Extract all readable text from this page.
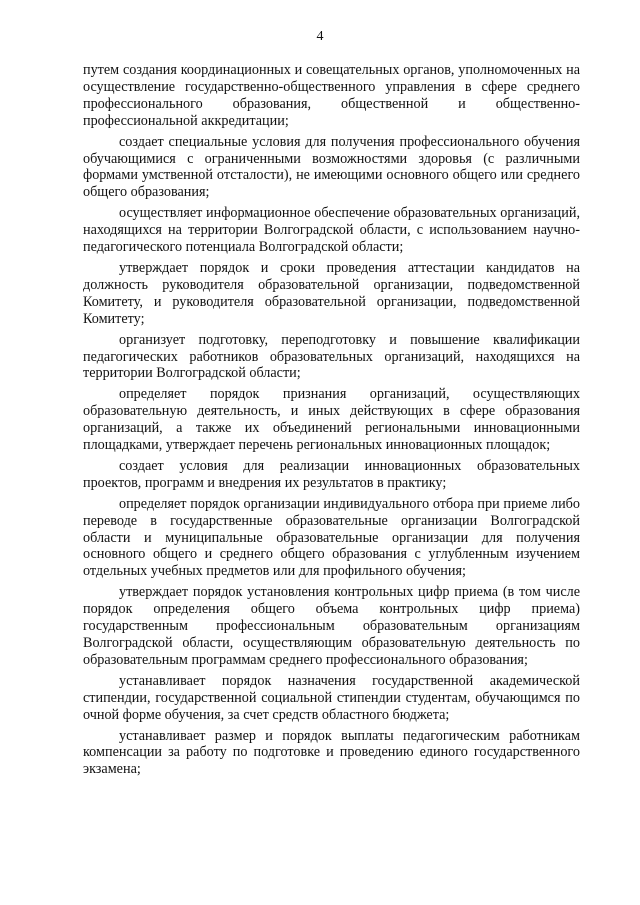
4

путем создания координационных и совещательных органов, уполномоченных на осуществление государственно-общественного управления в сфере среднего профессионального образования, общественной и общественно-профессиональной аккредитации;

создает специальные условия для получения профессионального обучения обучающимися с ограниченными возможностями здоровья (с различными формами умственной отсталости), не имеющими основного общего или среднего общего образования;

осуществляет информационное обеспечение образовательных организаций, находящихся на территории Волгоградской области, с использованием научно-педагогического потенциала Волгоградской области;

утверждает порядок и сроки проведения аттестации кандидатов на должность руководителя образовательной организации, подведомственной Комитету, и руководителя образовательной организации, подведомственной Комитету;

организует подготовку, переподготовку и повышение квалификации педагогических работников образовательных организаций, находящихся на территории Волгоградской области;

определяет порядок признания организаций, осуществляющих образовательную деятельность, и иных действующих в сфере образования организаций, а также их объединений региональными инновационными площадками, утверждает перечень региональных инновационных площадок;

создает условия для реализации инновационных образовательных проектов, программ и внедрения их результатов в практику;

определяет порядок организации индивидуального отбора при приеме либо переводе в государственные образовательные организации Волгоградской области и муниципальные образовательные организации для получения основного общего и среднего общего образования с углубленным изучением отдельных учебных предметов или для профильного обучения;

утверждает порядок установления контрольных цифр приема (в том числе порядок определения общего объема контрольных цифр приема) государственным профессиональным образовательным организациям Волгоградской области, осуществляющим образовательную деятельность по образовательным программам среднего профессионального образования;

устанавливает порядок назначения государственной академической стипендии, государственной социальной стипендии студентам, обучающимся по очной форме обучения, за счет средств областного бюджета;

устанавливает размер и порядок выплаты педагогическим работникам компенсации за работу по подготовке и проведению единого государственного экзамена;
